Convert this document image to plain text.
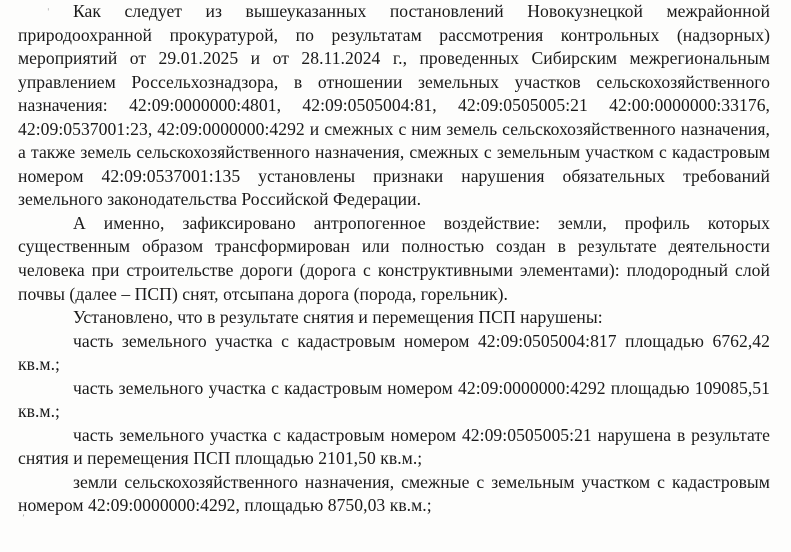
Как следует из вышеуказанных постановлений Новокузнецкой межрайонной природоохранной прокуратурой, по результатам рассмотрения контрольных (надзорных) мероприятий от 29.01.2025 и от 28.11.2024 г., проведенных Сибирским межрегиональным управлением Россельхознадзора, в отношении земельных участков сельскохозяйственного назначения: 42:09:0000000:4801, 42:09:0505004:81, 42:09:0505005:21 42:00:0000000:33176, 42:09:0537001:23, 42:09:0000000:4292 и смежных с ним земель сельскохозяйственного назначения, а также земель сельскохозяйственного назначения, смежных с земельным участком с кадастровым номером 42:09:0537001:135 установлены признаки нарушения обязательных требований земельного законодательства Российской Федерации.

А именно, зафиксировано антропогенное воздействие: земли, профиль которых существенным образом трансформирован или полностью создан в результате деятельности человека при строительстве дороги (дорога с конструктивными элементами): плодородный слой почвы (далее – ПСП) снят, отсыпана дорога (порода, горельник).

Установлено, что в результате снятия и перемещения ПСП нарушены:

часть земельного участка с кадастровым номером 42:09:0505004:817 площадью 6762,42 кв.м.;

часть земельного участка с кадастровым номером 42:09:0000000:4292 площадью 109085,51 кв.м.;

часть земельного участка с кадастровым номером 42:09:0505005:21 нарушена в результате снятия и перемещения ПСП площадью 2101,50 кв.м.;

земли сельскохозяйственного назначения, смежные с земельным участком с кадастровым номером 42:09:0000000:4292, площадью 8750,03 кв.м.;

ˈ
ʼ
